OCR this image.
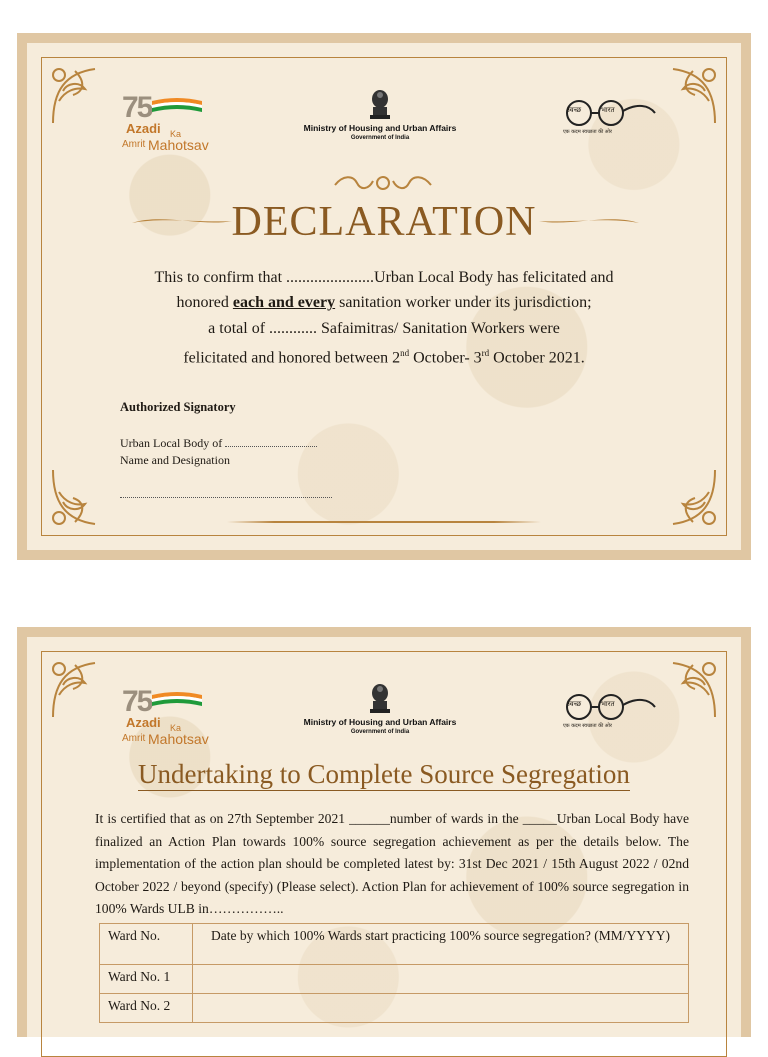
75
Azadi Ka
Amrit Mahotsav
Ministry of Housing and Urban Affairs
Government of India
स्वच्छ	भारत
एक कदम स्वच्छता की ओर
DECLARATION
This to confirm that ......................Urban Local Body has felicitated and
honored each and every sanitation worker under its jurisdiction;
a total of ............ Safaimitras/ Sanitation Workers were
felicitated and honored between 2nd October- 3rd October 2021.
Authorized Signatory
Urban Local Body of
Name and Designation
75
Azadi Ka
Amrit Mahotsav
Ministry of Housing and Urban Affairs
Government of India
स्वच्छ	भारत
एक कदम स्वच्छता की ओर
Undertaking to Complete Source Segregation
It is certified that as on 27th September 2021 ______number of wards in the _____Urban Local Body have finalized an Action Plan towards 100% source segregation achievement as per the details below. The implementation of the action plan should be completed latest by: 31st Dec 2021 / 15th August 2022 / 02nd October 2022 / beyond (specify) (Please select). Action Plan for achievement of 100% source segregation in 100% Wards ULB in……………..
Ward No.	Date by which 100% Wards start practicing 100% source segregation? (MM/YYYY)
Ward No. 1	
Ward No. 2	
